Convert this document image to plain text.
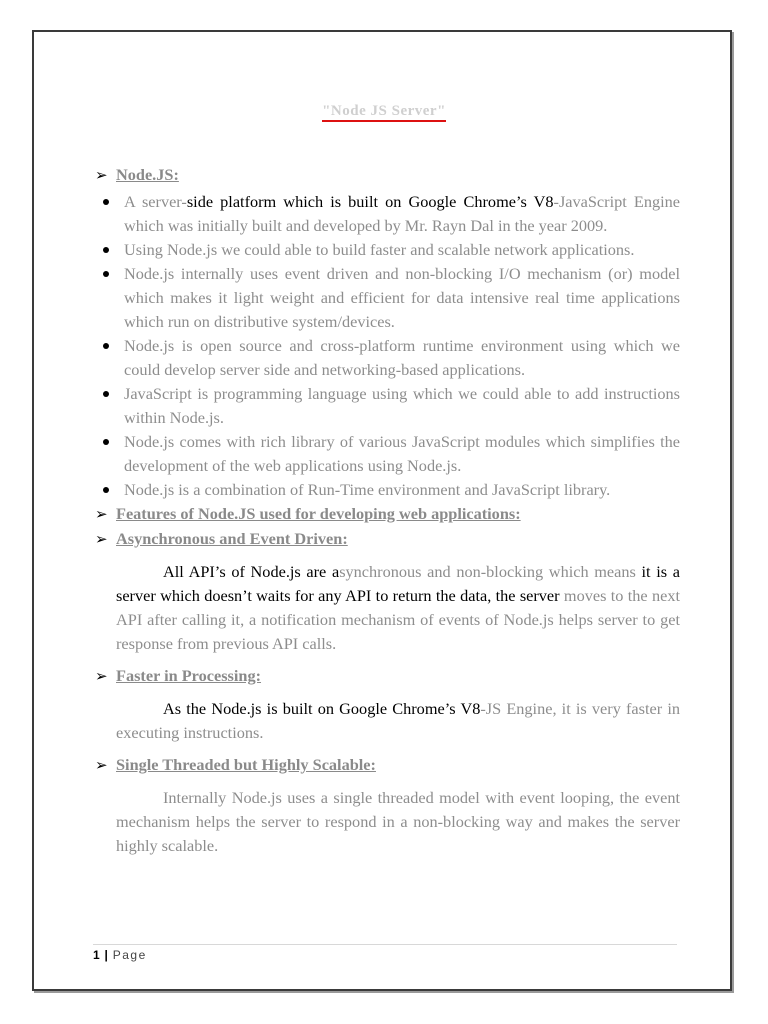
"Node JS Server"
➢ Node.JS:
A server-side platform which is built on Google Chrome’s V8-JavaScript Engine which was initially built and developed by Mr. Rayn Dal in the year 2009.
Using Node.js we could able to build faster and scalable network applications.
Node.js internally uses event driven and non-blocking I/O mechanism (or) model which makes it light weight and efficient for data intensive real time applications which run on distributive system/devices.
Node.js is open source and cross-platform runtime environment using which we could develop server side and networking-based applications.
JavaScript is programming language using which we could able to add instructions within Node.js.
Node.js comes with rich library of various JavaScript modules which simplifies the development of the web applications using Node.js.
Node.js is a combination of Run-Time environment and JavaScript library.
➢ Features of Node.JS used for developing web applications:
➢ Asynchronous and Event Driven:
All API’s of Node.js are asynchronous and non-blocking which means it is a server which doesn’t waits for any API to return the data, the server moves to the next API after calling it, a notification mechanism of events of Node.js helps server to get response from previous API calls.
➢ Faster in Processing:
As the Node.js is built on Google Chrome’s V8-JS Engine, it is very faster in executing instructions.
➢ Single Threaded but Highly Scalable:
Internally Node.js uses a single threaded model with event looping, the event mechanism helps the server to respond in a non-blocking way and makes the server highly scalable.
1 | Page
